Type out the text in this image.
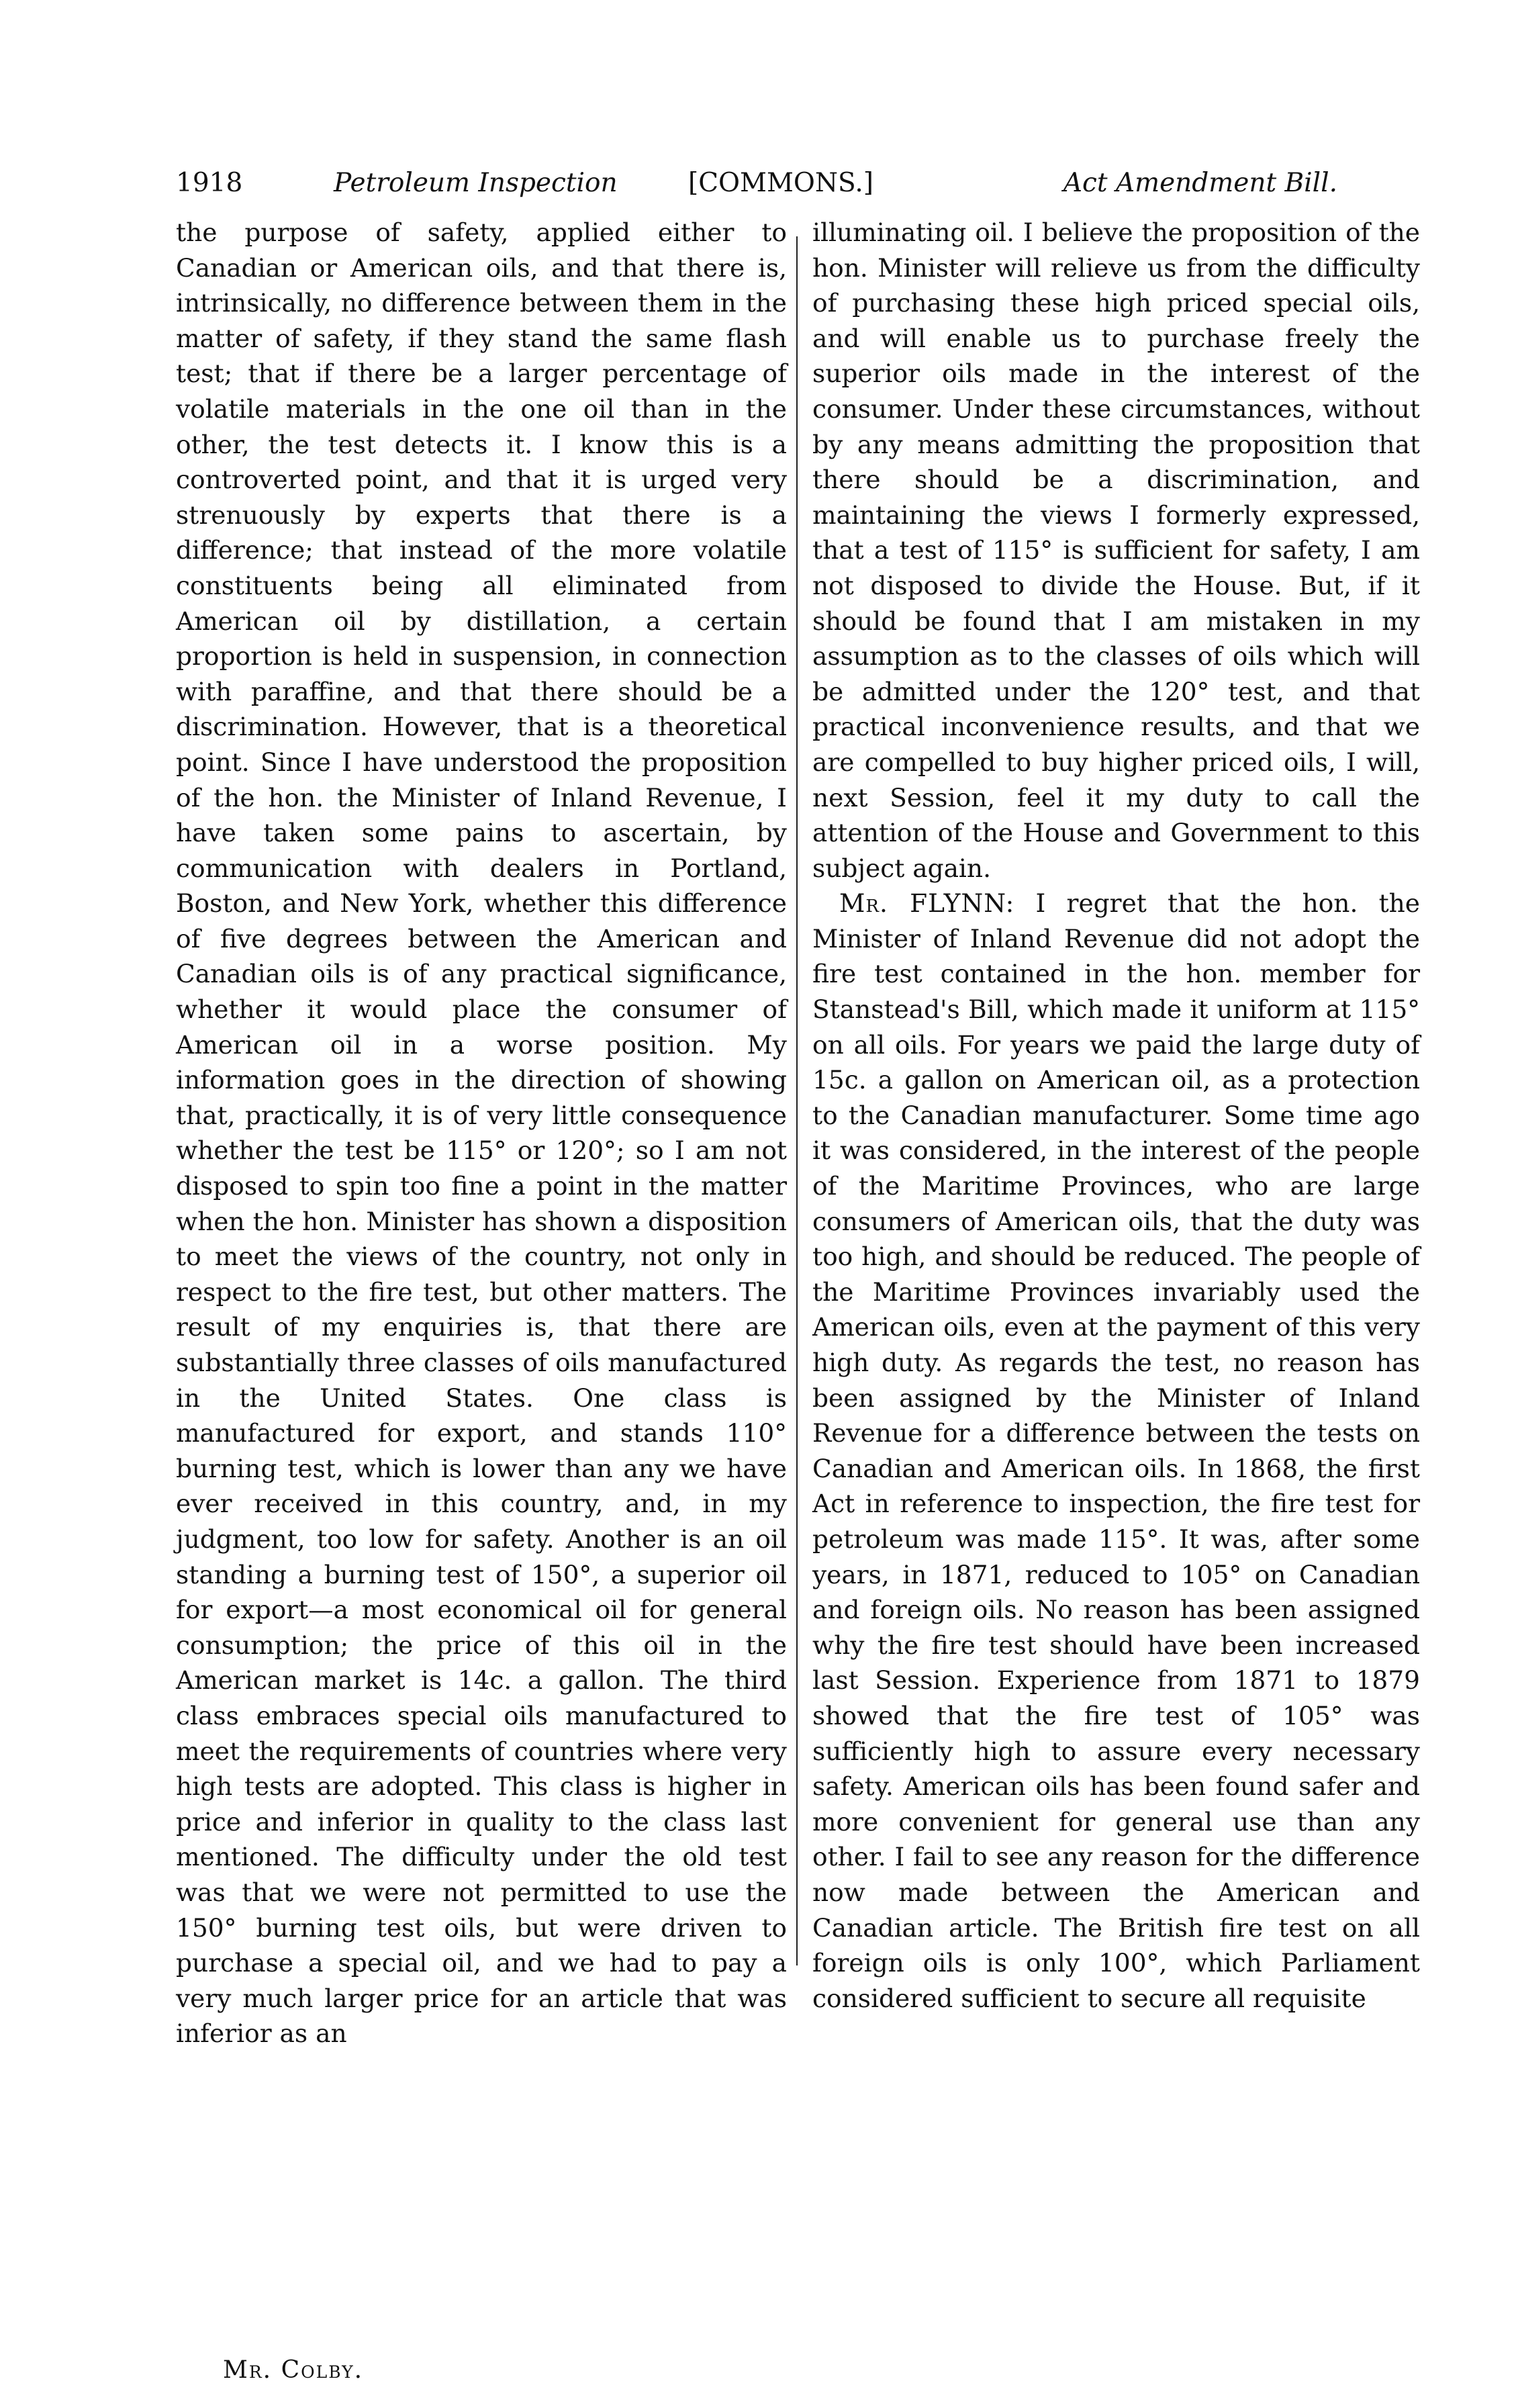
1918	Petroleum Inspection	[COMMONS.]	Act Amendment Bill.

the purpose of safety, applied either to Canadian or American oils, and that there is, intrinsically, no difference between them in the matter of safety, if they stand the same flash test; that if there be a larger percentage of volatile materials in the one oil than in the other, the test detects it. I know this is a controverted point, and that it is urged very strenuously by experts that there is a difference; that instead of the more volatile constituents being all eliminated from American oil by distillation, a certain proportion is held in suspension, in connection with paraffine, and that there should be a discrimination. However, that is a theoretical point. Since I have understood the proposition of the hon. the Minister of Inland Revenue, I have taken some pains to ascertain, by communication with dealers in Portland, Boston, and New York, whether this difference of five degrees between the American and Canadian oils is of any practical significance, whether it would place the consumer of American oil in a worse position. My information goes in the direction of showing that, practically, it is of very little consequence whether the test be 115° or 120°; so I am not disposed to spin too fine a point in the matter when the hon. Minister has shown a disposition to meet the views of the country, not only in respect to the fire test, but other matters. The result of my enquiries is, that there are substantially three classes of oils manufactured in the United States. One class is manufactured for export, and stands 110° burning test, which is lower than any we have ever received in this country, and, in my judgment, too low for safety. Another is an oil standing a burning test of 150°, a superior oil for export—a most economical oil for general consumption; the price of this oil in the American market is 14c. a gallon. The third class embraces special oils manufactured to meet the requirements of countries where very high tests are adopted. This class is higher in price and inferior in quality to the class last mentioned. The difficulty under the old test was that we were not permitted to use the 150° burning test oils, but were driven to purchase a special oil, and we had to pay a very much larger price for an article that was inferior as an

illuminating oil. I believe the proposition of the hon. Minister will relieve us from the difficulty of purchasing these high priced special oils, and will enable us to purchase freely the superior oils made in the interest of the consumer. Under these circumstances, without by any means admitting the proposition that there should be a discrimination, and maintaining the views I formerly expressed, that a test of 115° is sufficient for safety, I am not disposed to divide the House. But, if it should be found that I am mistaken in my assumption as to the classes of oils which will be admitted under the 120° test, and that practical inconvenience results, and that we are compelled to buy higher priced oils, I will, next Session, feel it my duty to call the attention of the House and Government to this subject again.

Mr. FLYNN: I regret that the hon. the Minister of Inland Revenue did not adopt the fire test contained in the hon. member for Stanstead's Bill, which made it uniform at 115° on all oils. For years we paid the large duty of 15c. a gallon on American oil, as a protection to the Canadian manufacturer. Some time ago it was considered, in the interest of the people of the Maritime Provinces, who are large consumers of American oils, that the duty was too high, and should be reduced. The people of the Maritime Provinces invariably used the American oils, even at the payment of this very high duty. As regards the test, no reason has been assigned by the Minister of Inland Revenue for a difference between the tests on Canadian and American oils. In 1868, the first Act in reference to inspection, the fire test for petroleum was made 115°. It was, after some years, in 1871, reduced to 105° on Canadian and foreign oils. No reason has been assigned why the fire test should have been increased last Session. Experience from 1871 to 1879 showed that the fire test of 105° was sufficiently high to assure every necessary safety. American oils has been found safer and more convenient for general use than any other. I fail to see any reason for the difference now made between the American and Canadian article. The British fire test on all foreign oils is only 100°, which Parliament considered sufficient to secure all requisite

Mr. Colby.
